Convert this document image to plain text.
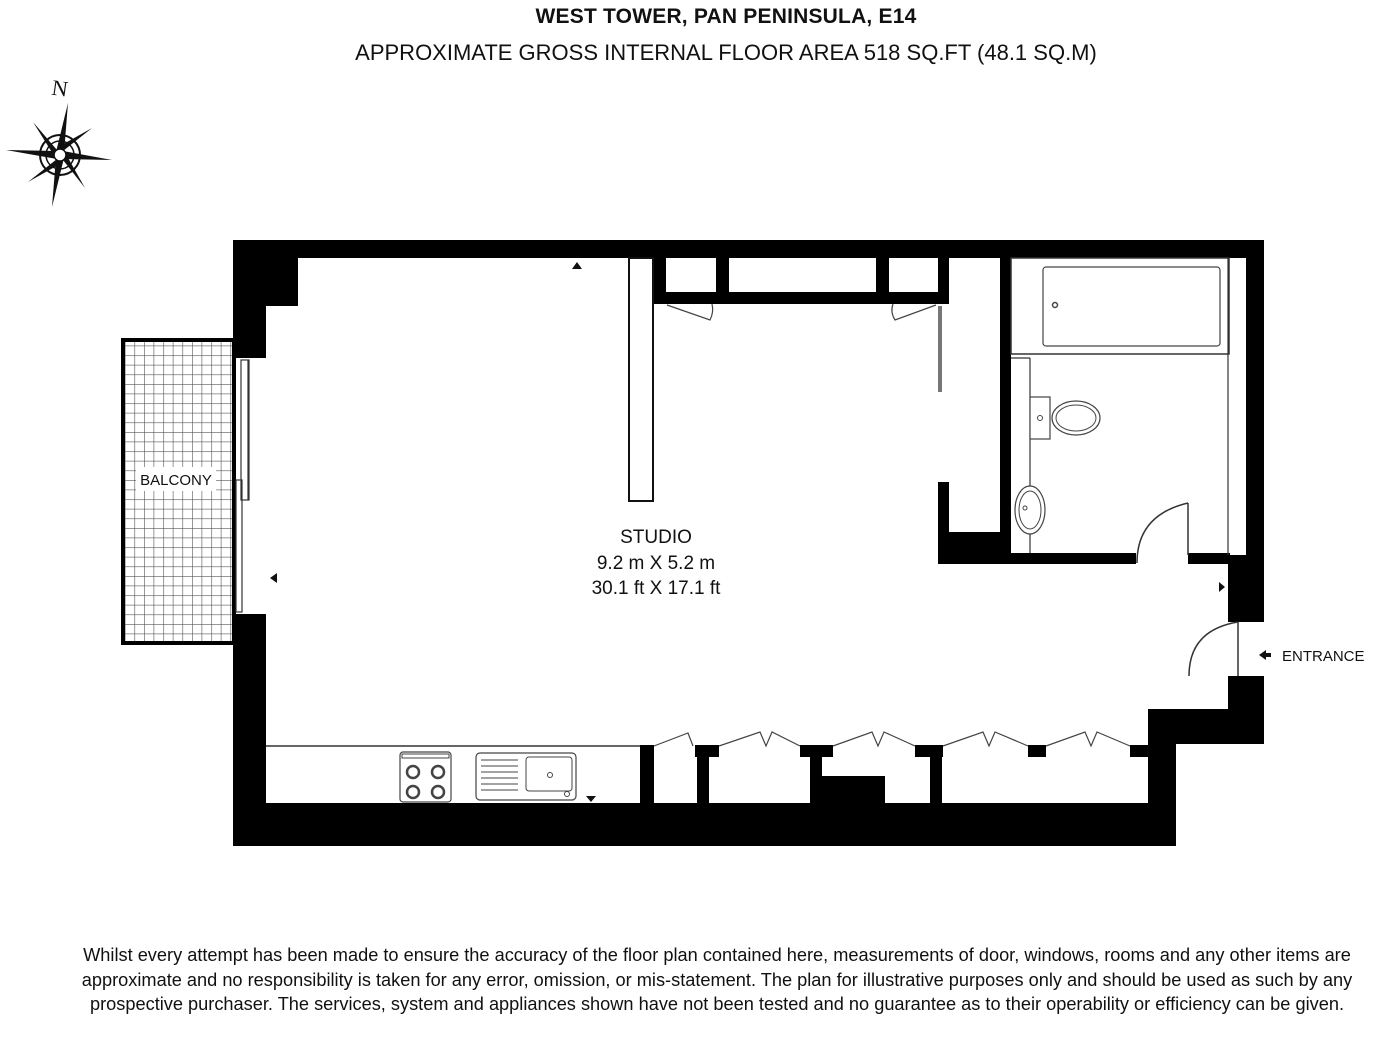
WEST TOWER, PAN PENINSULA, E14
APPROXIMATE GROSS INTERNAL FLOOR AREA 518 SQ.FT (48.1 SQ.M)
N
BALCONY
ENTRANCE
STUDIO
9.2 m X 5.2 m
30.1 ft X 17.1 ft
Whilst every attempt has been made to ensure the accuracy of the floor plan contained here, measurements of door, windows, rooms and any other items are approximate and no responsibility is taken for any error, omission, or mis-statement. The plan for illustrative purposes only and should be used as such by any prospective purchaser. The services, system and appliances shown have not been tested and no guarantee as to their operability or efficiency can be given.
